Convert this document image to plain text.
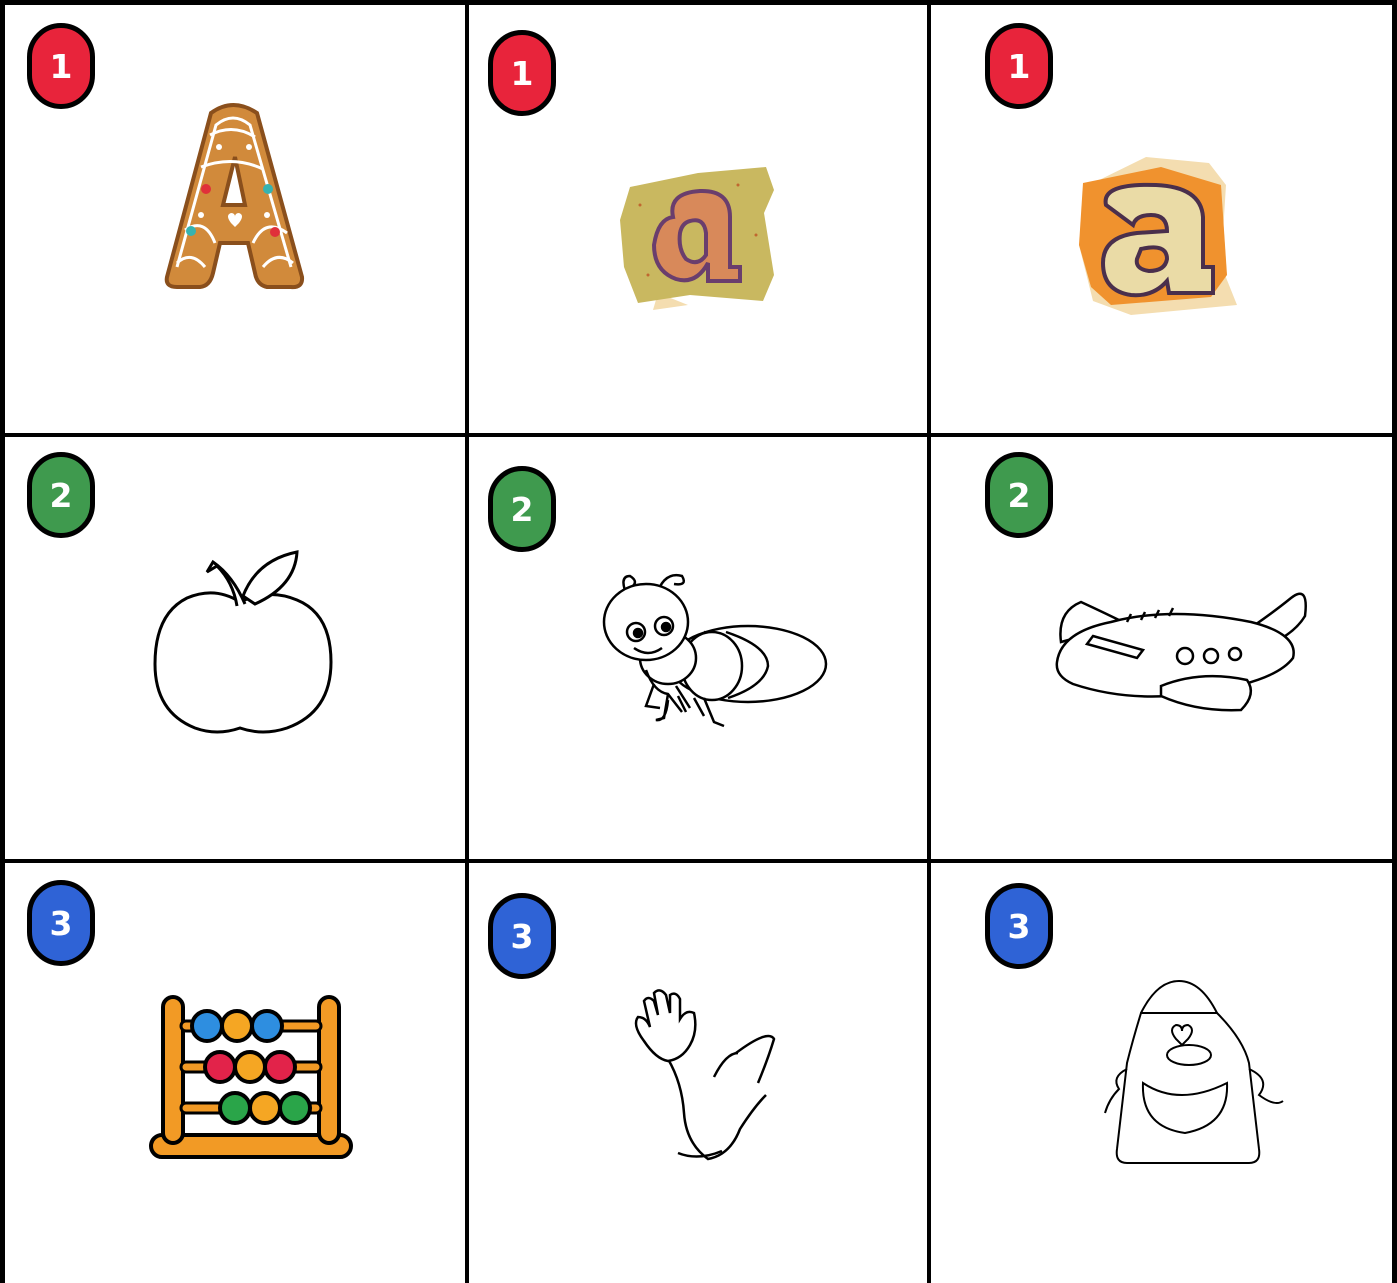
1	1	1
2	2	2
3	3	3
